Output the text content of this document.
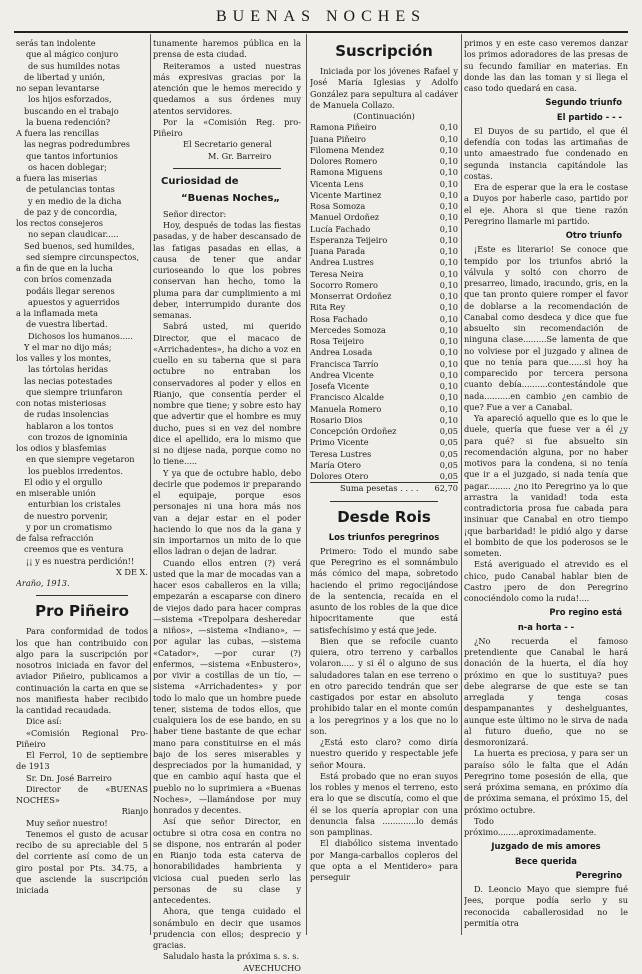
BUENAS NOCHES
serás tan indolente
que al mágico conjuro
de sus humildes notas
de libertad y unión,
no sepan levantarse
los hijos esforzados,
buscando en el trabajo
la buena redención?
A fuera las rencillas
las negras podredumbres
que tantos infortunios
os hacen doblegar;
a fuera las miserias
de petulancias tontas
y en medio de la dicha
de paz y de concordia,
los rectos consejeros
no sepan claudicar.....
Sed buenos, sed humildes,
sed siempre circunspectos,
a fin de que en la lucha
con bríos comenzada
podáis llegar serenos
apuestos y aguerridos
a la inflamada meta
de vuestra libertad.
Dichosos los humanos.....
Y el mar no dijo más;
los valles y los montes,
las tórtolas heridas
las necias potestades
que siempre triunfaron
con notas misteriosas
de rudas insolencias
hablaron a los tontos
con trozos de ignominia
los odios y blasfemias
en que siempre vegetaron
los pueblos irredentos.
El odio y el orgullo
en miserable unión
enturbian los cristales
de nuestro porvenir,
y por un cromatismo
de falsa refracción
creemos que es ventura
¡¡ y es nuestra perdición!!
X DE X.
Araño, 1913.
Pro Piñeiro

Para conformidad de todos los que han contribuido con algo para la suscripción por nosotros iniciada en favor del aviador Piñeiro, publicamos a continuación la carta en que se nos manifiesta haber recibido la cantidad recaudada.

Dice así:

«Comisión Regional Pro-Piñeiro

El Ferrol, 10 de septiembre de 1913

Sr. Dn. José Barreiro

Director de «BUENAS NOCHES»

Rianjo

Muy señor nuestro!

Tenemos el gusto de acusar recibo de su apreciable del 5 del corriente así como de un giro postal por Pts. 34.75, a que asciende la suscripción iniciada

tunamente haremos pública en la prensa de esta ciudad.

Reiteramos a usted nuestras más expresivas gracias por la atención que le hemos merecido y quedamos a sus órdenes muy atentos servidores.

Por la «Comisión Reg. pro-Piñeiro

El Secretario general
M. Gr. Barreiro
Curiosidad de
“Buenas Noches„

Señor director:

Hoy, después de todas las fiestas pasadas, y de haber descansado de las fatigas pasadas en ellas, a causa de tener que andar curioseando lo que los pobres conservan han hecho, tomo la pluma para dar cumplimiento a mi deber, interrumpido durante dos semanas.

Sabrá usted, mi querido Director, que el macaco de «Arrichadentes», ha dicho a voz en cuello en su taberna que si para octubre no entraban los conservadores al poder y ellos en Rianjo, que consentía perder el nombre que tiene; y sobre esto hay que advertir que el hombre es muy ducho, pues si en vez del nombre dice el apellido, era lo mismo que si no dijese nada, porque como no lo tiene.....

Y ya que de octubre hablo, debo decirle que podemos ir preparando el equipaje, porque esos personajes ni una hora más nos van a dejar estar en el poder haciendo lo que nos da la gana y sin importarnos un mito de lo que ellos ladran o dejan de ladrar.

Cuando ellos entren (?) verá usted que la mar de mocadas van a hacer esos caballeros en la villa; empezarán a escaparse con dinero de viejos dado para hacer compras —sistema «Trepolpara desheredar a niños», —sistema «Indiano», —por agular las cubas, —sistema «Catador», —por curar (?) enfermos, —sistema «Enbustero», por vivir a costillas de un tío, —sistema «Arrichadentes» y por todo lo malo que un hombre puede tener, sistema de todos ellos, que cualquiera los de ese bando, en su haber tiene bastante de que echar mano para constituirse en el más bajo de los seres miserables y despreciados por la humanidad, y que en cambio aquí hasta que el pueblo no lo suprimiera a «Buenas Noches», —llamándose por muy honrados y decentes.

Así que señor Director, en octubre si otra cosa en contra no se dispone, nos entrarán al poder en Rianjo toda esta caterva de honorabilidades hambrienta y viciosa cual pueden serlo las personas de su clase y antecedentes.

Ahora, que tenga cuidado el sonámbulo en decir que usamos prudencia con ellos; desprecio y gracias.

Saludalo hasta la próxima s. s. s.

AVECHUCHO
Suscripción

Iniciada por los jóvenes Rafael y José María Iglesias y Adolfo González para sepultura al cadáver de Manuela Collazo.

(Continuación)
Ramona Piñeiro	0,10
Juana Piñeiro	0,10
Filomena Mendez	0,10
Dolores Romero	0,10
Ramona Miguens	0,10
Vicenta Lens	0,10
Vicente Martinez	0,10
Rosa Somoza	0,10
Manuel Ordoñez	0,10
Lucía Fachado	0,10
Esperanza Teijeiro	0,10
Juana Parada	0,10
Andrea Lustres	0,10
Teresa Neira	0,10
Socorro Romero	0,10
Monserrat Ordoñez	0,10
Rita Rey	0,10
Rosa Fachado	0,10
Mercedes Somoza	0,10
Rosa Teijeiro	0,10
Andrea Losada	0,10
Francisca Tarrío	0,10
Andrea Vicente	0,10
Josefa Vicente	0,10
Francisco Alcalde	0,10
Manuela Romero	0,10
Rosario Dios	0,10
Concepción Ordoñez	0,05
Primo Vicente	0,05
Teresa Lustres	0,05
María Otero	0,05
Dolores Otero	0,05
Suma pesetas . . . .	62,70
Desde Rois
Los triunfos peregrinos

Primero: Todo el mundo sabe que Peregrino es el somnámbulo más cómico del mapa, sobretodo haciendo el primo regocijándose de la sentencia, recaída en el asunto de los robles de la que dice hipocritamente que está satisfechísimo y está que jede.

Bien que se refocile cuanto quiera, otro terreno y carballos volaron..... y si él o alguno de sus saludadores talan en ese terreno o en otro parecido tendrán que ser castigados por estar en absoluto prohibido talar en el monte común a los peregrinos y a los que no lo son.

¿Está esto claro? como diría nuestro querido y respectable jefe señor Moura.

Está probado que no eran suyos los robles y menos el terreno, esto era lo que se discutía, como el que él se los quería apropiar con una denuncia falsa .............lo demás son pamplinas.

El diabólico sistema inventado por Manga-carballos copleros del que opta a el Mentidero» para perseguir

primos y en este caso veremos danzar los primos adoradores de las presas de su fecundo familiar en materias. En donde las dan las toman y si llega el caso todo quedará en casa.

Segundo triunfo
El partido - - -

El Duyos de su partido, el que él defendía con todas las artimañas de unto amaestrado fue condenado en segunda instancia capitándole las costas.

Era de esperar que la era le costase a Duyos por haberle caso, partido por el eje. Ahora si que tiene razón Peregrino llamarle mi partido.

Otro triunfo

¡Este es literario! Se conoce que tempido por los triunfos abrió la válvula y soltó con chorro de presarreo, limado, iracundo, gris, en la que tan pronto quiere romper el favor de doblarse a la recomendación de Canabal como desdeca y dice que fue absuelto sin recomendación de ninguna clase.........Se lamenta de que no volviese por el juzgado y alinea de que no tenía para que......si hoy ha comparecido por tercera persona cuanto debía..........contestándole que nada..........en cambio ¿en cambio de que? Fue a ver a Canabal.

Ya apareció aquello que es lo que le duele, quería que fuese ver a él ¿y para qué? si fue absuelto sin recomendación alguna, por no haber motivos para la condena, si no tenía que ir a el juzgado, si nada tenía que pagar......... ¿no ito Peregrino ya lo que arrastra la vanidad! toda esta contradictoria prosa fue cabada para insinuar que Canabal en otro tiempo ¡que barbaridad! le pidió algo y darse el bombito de que los poderosos se le someten.

Está averiguado el atrevido es el chico, pudo Canabal hablar bien de Castro ¡pero de don Peregrino conociéndolo como la ruda!....

Pro regino está
n-a horta - -

¿No recuerda el famoso pretendiente que Canabal le hará donación de la huerta, el día hoy próximo en que lo sustituya? pues debe alegrarse de que este se tan arreglada y tenga cosas despampanantes y deshelguantes, aunque este último no le sirva de nada al futuro dueño, que no se desmoronizará.

La huerta es preciosa, y para ser un paraíso sólo le falta que el Adán Peregrino tome posesión de ella, que será próxima semana, en próximo día de próxima semana, el próximo 15, del próximo octubre.

Todo próximo........aproximadamente.

Juzgado de mis amores
Bece querida
Peregrino

D. Leoncio Mayo que siempre fué Jees, porque podía serlo y su reconocida caballerosidad no le permitía otra
